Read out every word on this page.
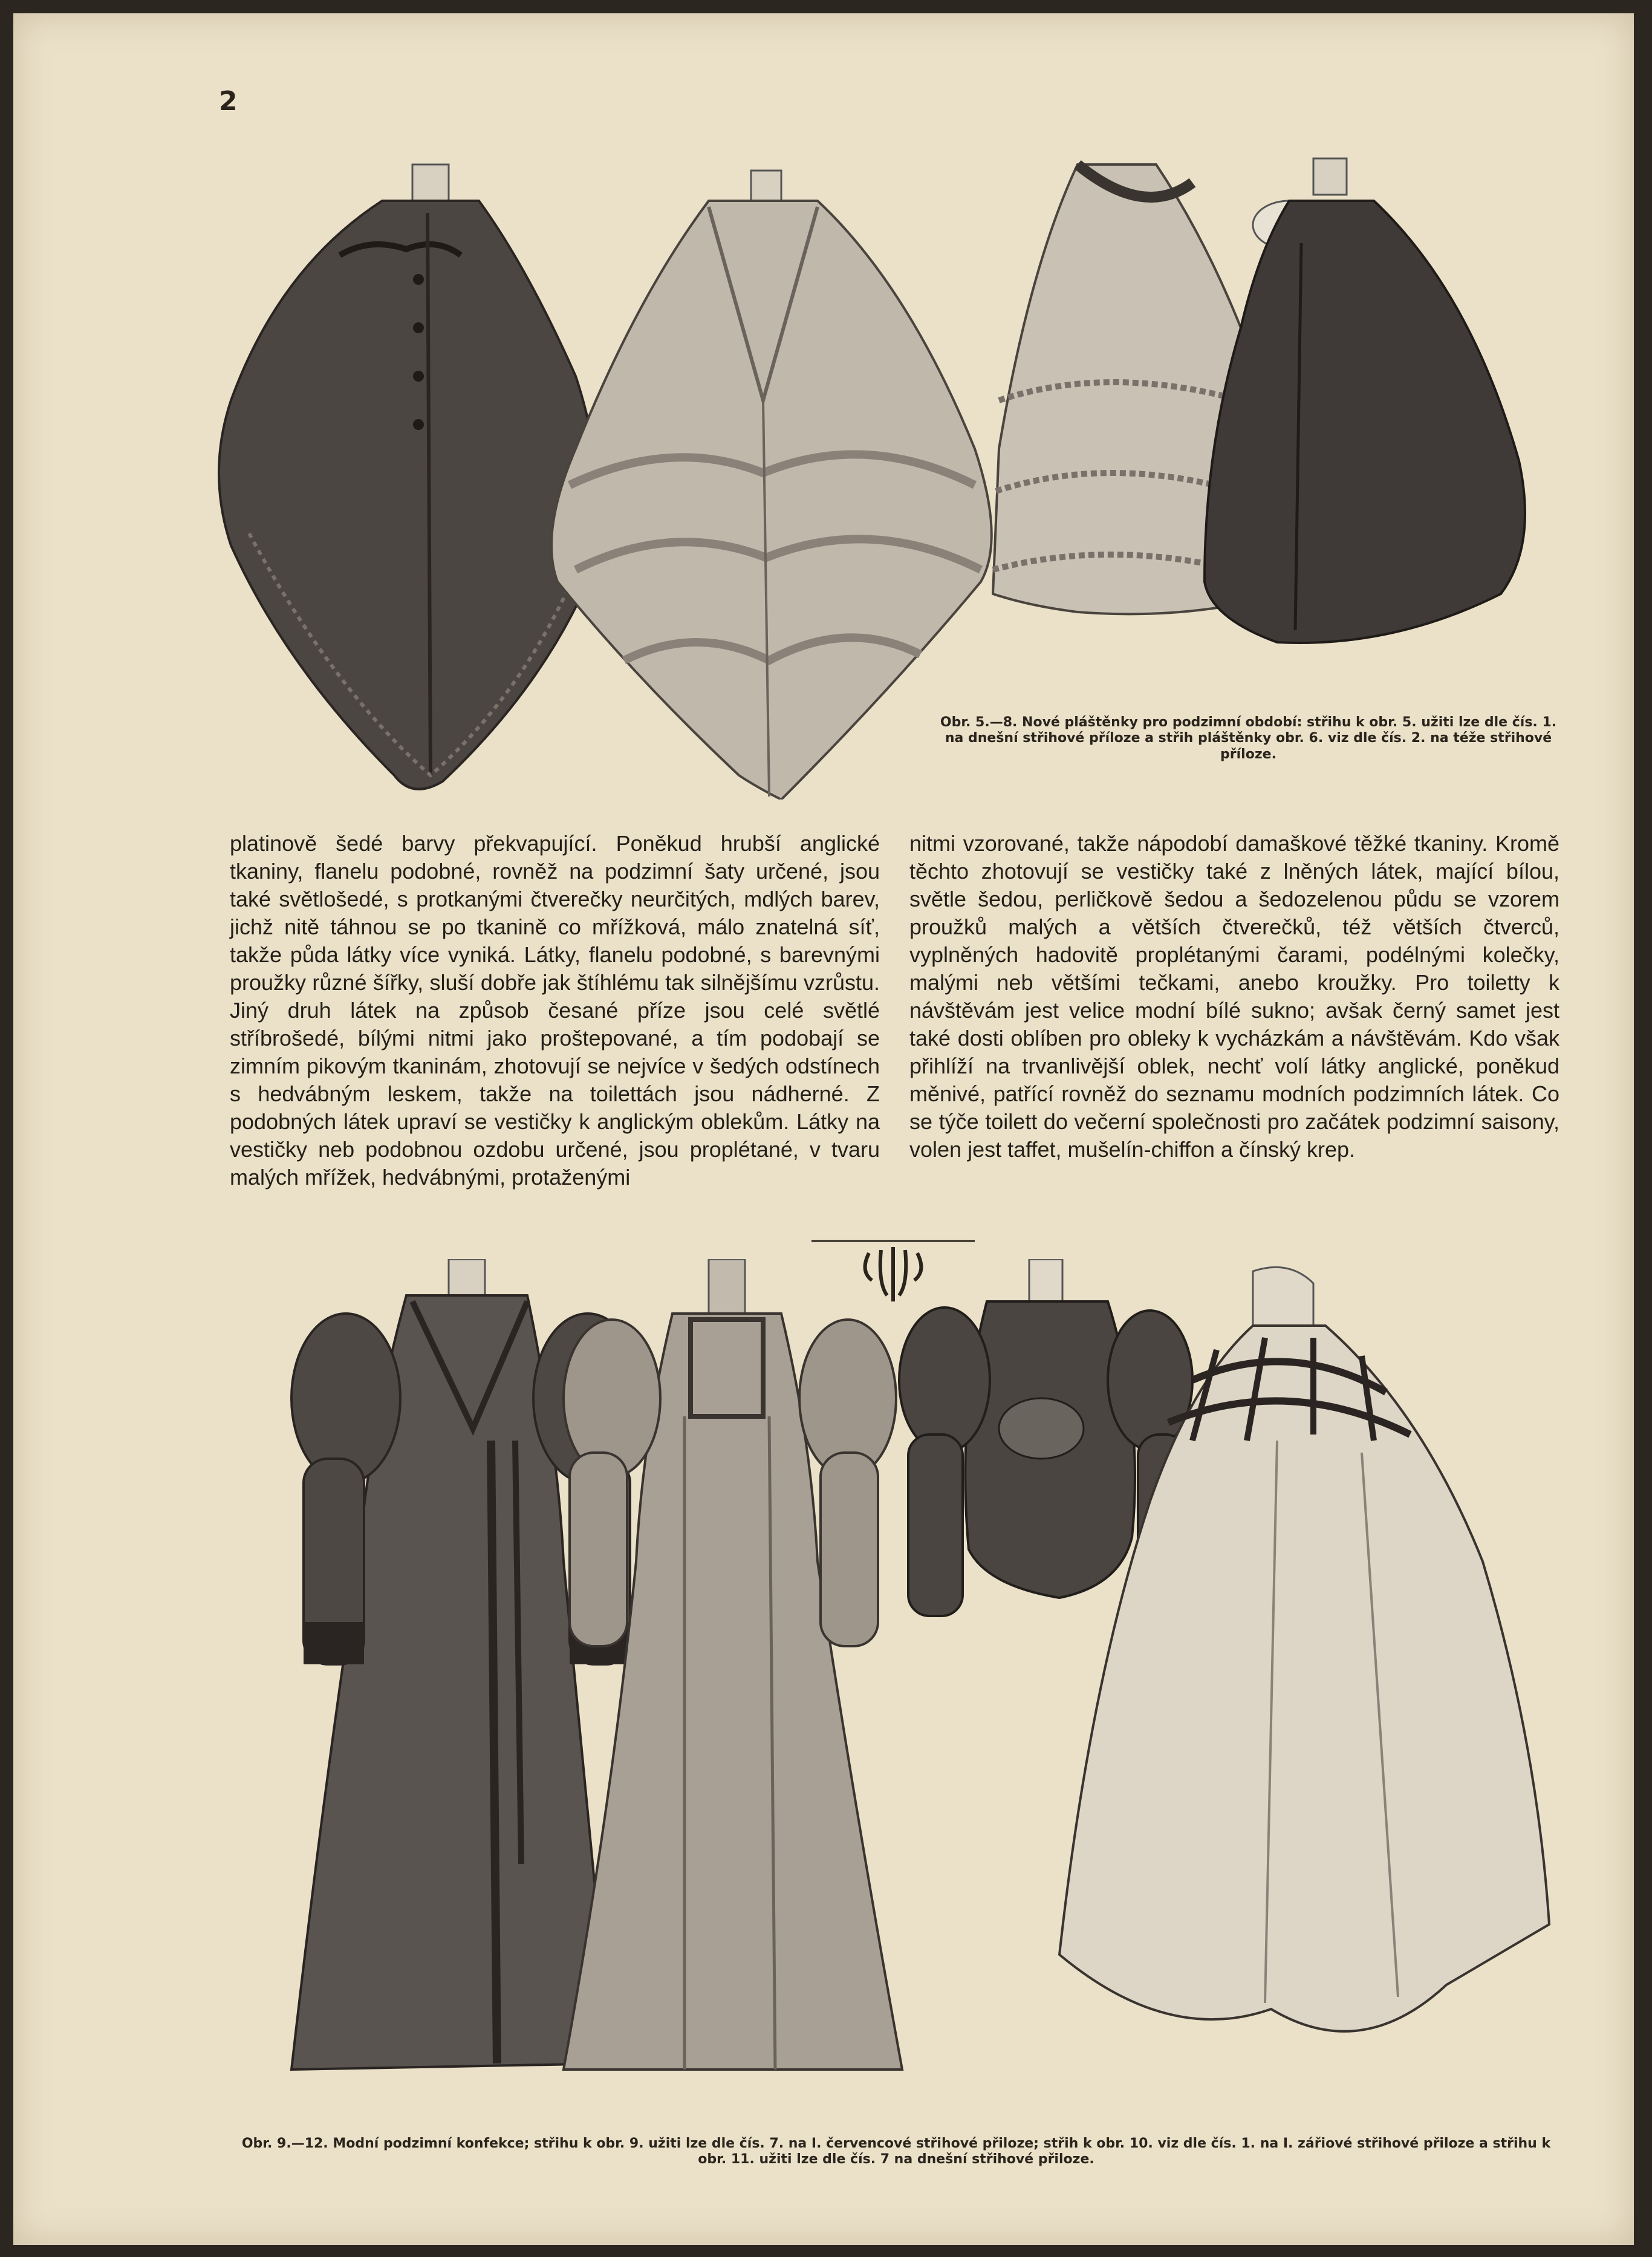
2
Obr. 5.—8. Nové pláštěnky pro podzimní období: střihu k obr. 5. užiti lze dle čís. 1. na dnešní střihové příloze a střih pláštěnky obr. 6. viz dle čís. 2. na téže střihové příloze.
platinově šedé barvy překvapující. Poněkud hrubší anglické tkaniny, flanelu podobné, rovněž na podzimní šaty určené, jsou také světlošedé, s protkanými čtverečky neurčitých, mdlých barev, jichž nitě táhnou se po tkanině co mřížková, málo znatelná síť, takže půda látky více vyniká. Látky, flanelu podobné, s barevnými proužky různé šířky, sluší dobře jak štíhlému tak silnějšímu vzrůstu. Jiný druh látek na způsob česané příze jsou celé světlé stříbrošedé, bílými nitmi jako proštepované, a tím podobají se zimním pikovým tkaninám, zhotovují se nejvíce v šedých odstínech s hedvábným leskem, takže na toilettách jsou nádherné. Z podobných látek upraví se vestičky k anglickým oblekům. Látky na vestičky neb podobnou ozdobu určené, jsou proplétané, v tvaru malých mřížek, hedvábnými, protaženými
nitmi vzorované, takže nápodobí damaškové těžké tkaniny. Kromě těchto zhotovují se vestičky také z lněných látek, mající bílou, světle šedou, perličkově šedou a šedozelenou půdu se vzorem proužků malých a větších čtverečků, též větších čtverců, vyplněných hadovitě proplétanými čarami, podélnými kolečky, malými neb většími tečkami, anebo kroužky. Pro toiletty k návštěvám jest velice modní bílé sukno; avšak černý samet jest také dosti oblíben pro obleky k vycházkám a návštěvám. Kdo však přihlíží na trvanlivější oblek, nechť volí látky anglické, poněkud měnivé, patřící rovněž do seznamu modních podzimních látek. Co se týče toilett do večerní společnosti pro začátek podzimní saisony, volen jest taffet, mušelín-chiffon a čínský krep.
Obr. 9.—12. Modní podzimní konfekce; střihu k obr. 9. užiti lze dle čís. 7. na I. červencové střihové přiloze; střih k obr. 10. viz dle čís. 1. na I. zářiové střihové přiloze a střihu k obr. 11. užiti lze dle čís. 7 na dnešní střihové přiloze.
